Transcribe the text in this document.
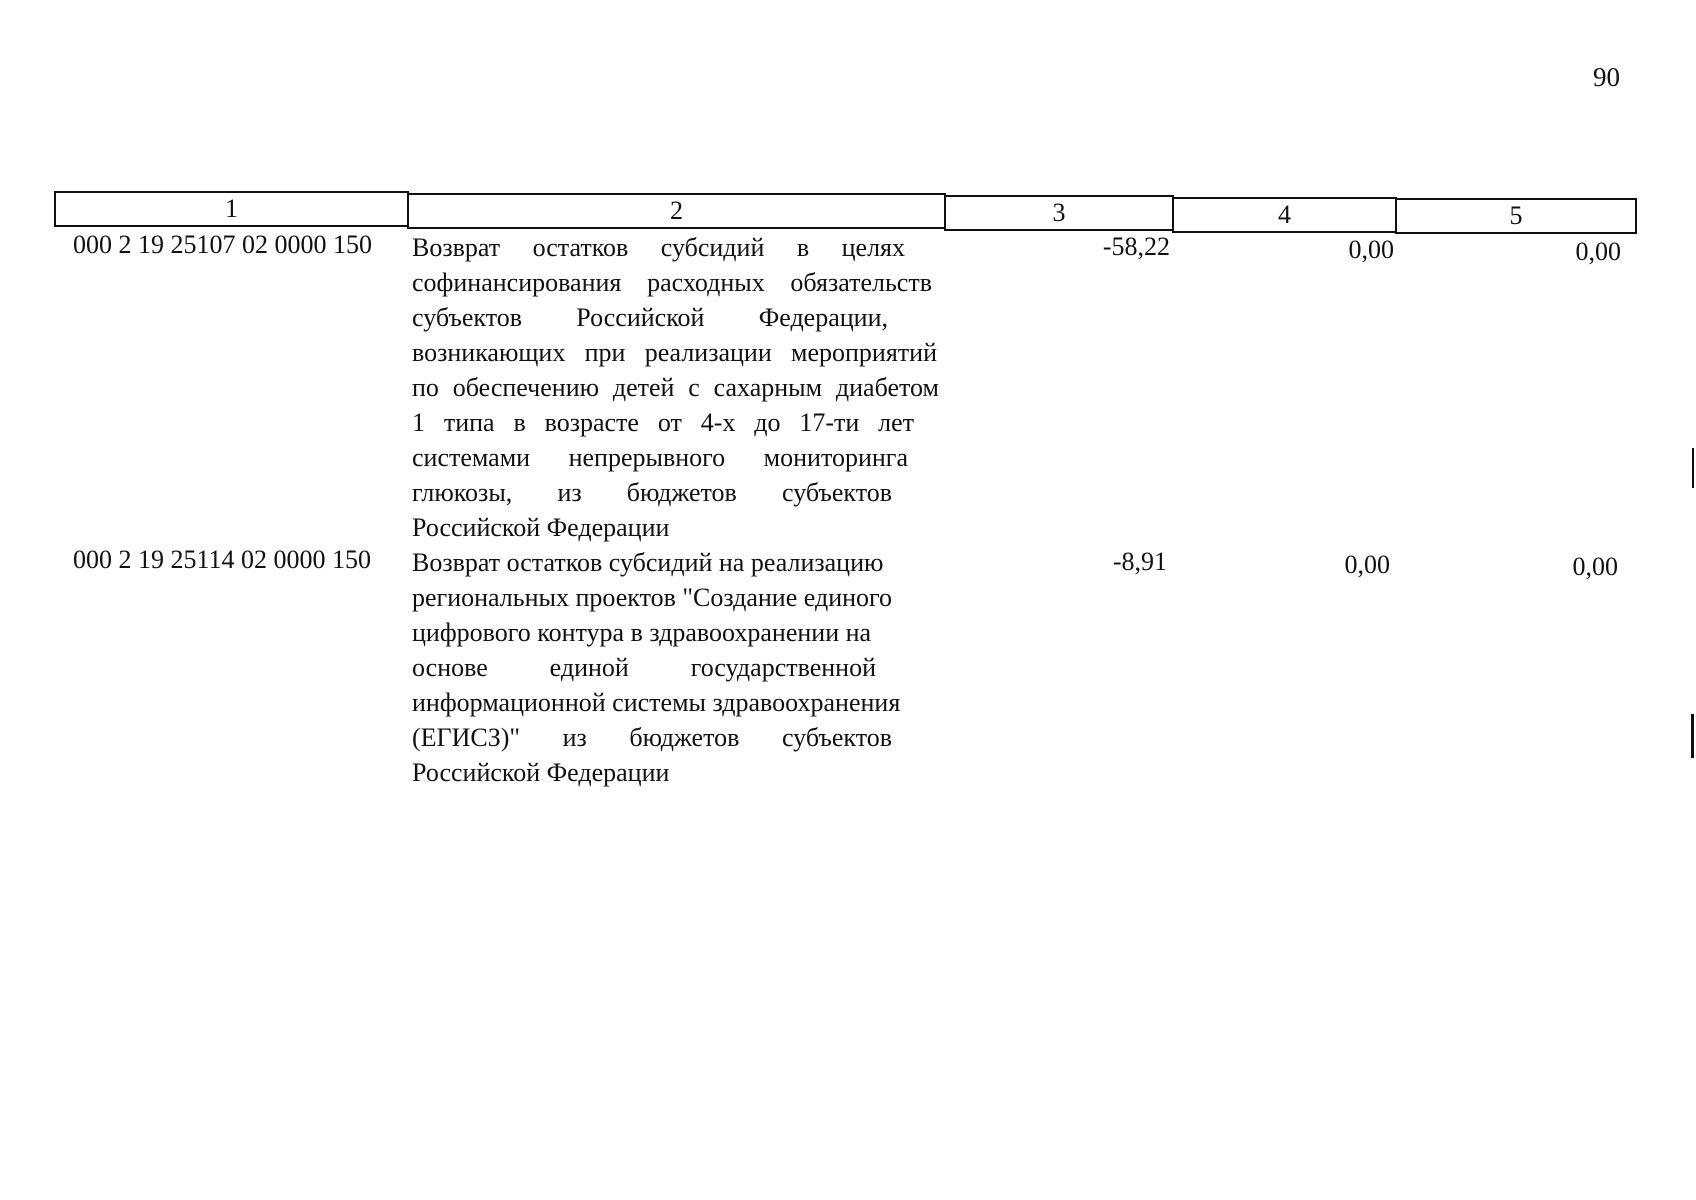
90
1	2	3	4	5
000 2 19 25107 02 0000 150 Возврат остатков субсидий в целях
софинансирования расходных обязательств
субъектов Российской Федерации,
возникающих при реализации мероприятий
по обеспечению детей с сахарным диабетом
1 типа в возрасте от 4-х до 17-ти лет
системами непрерывного мониторинга
глюкозы, из бюджетов субъектов
Российской Федерации
-58,22	0,00	0,00
000 2 19 25114 02 0000 150 Возврат остатков субсидий на реализацию
региональных проектов "Создание единого
цифрового контура в здравоохранении на
основе единой государственной
информационной системы здравоохранения
(ЕГИСЗ)" из бюджетов субъектов
Российской Федерации
-8,91	0,00	0,00
